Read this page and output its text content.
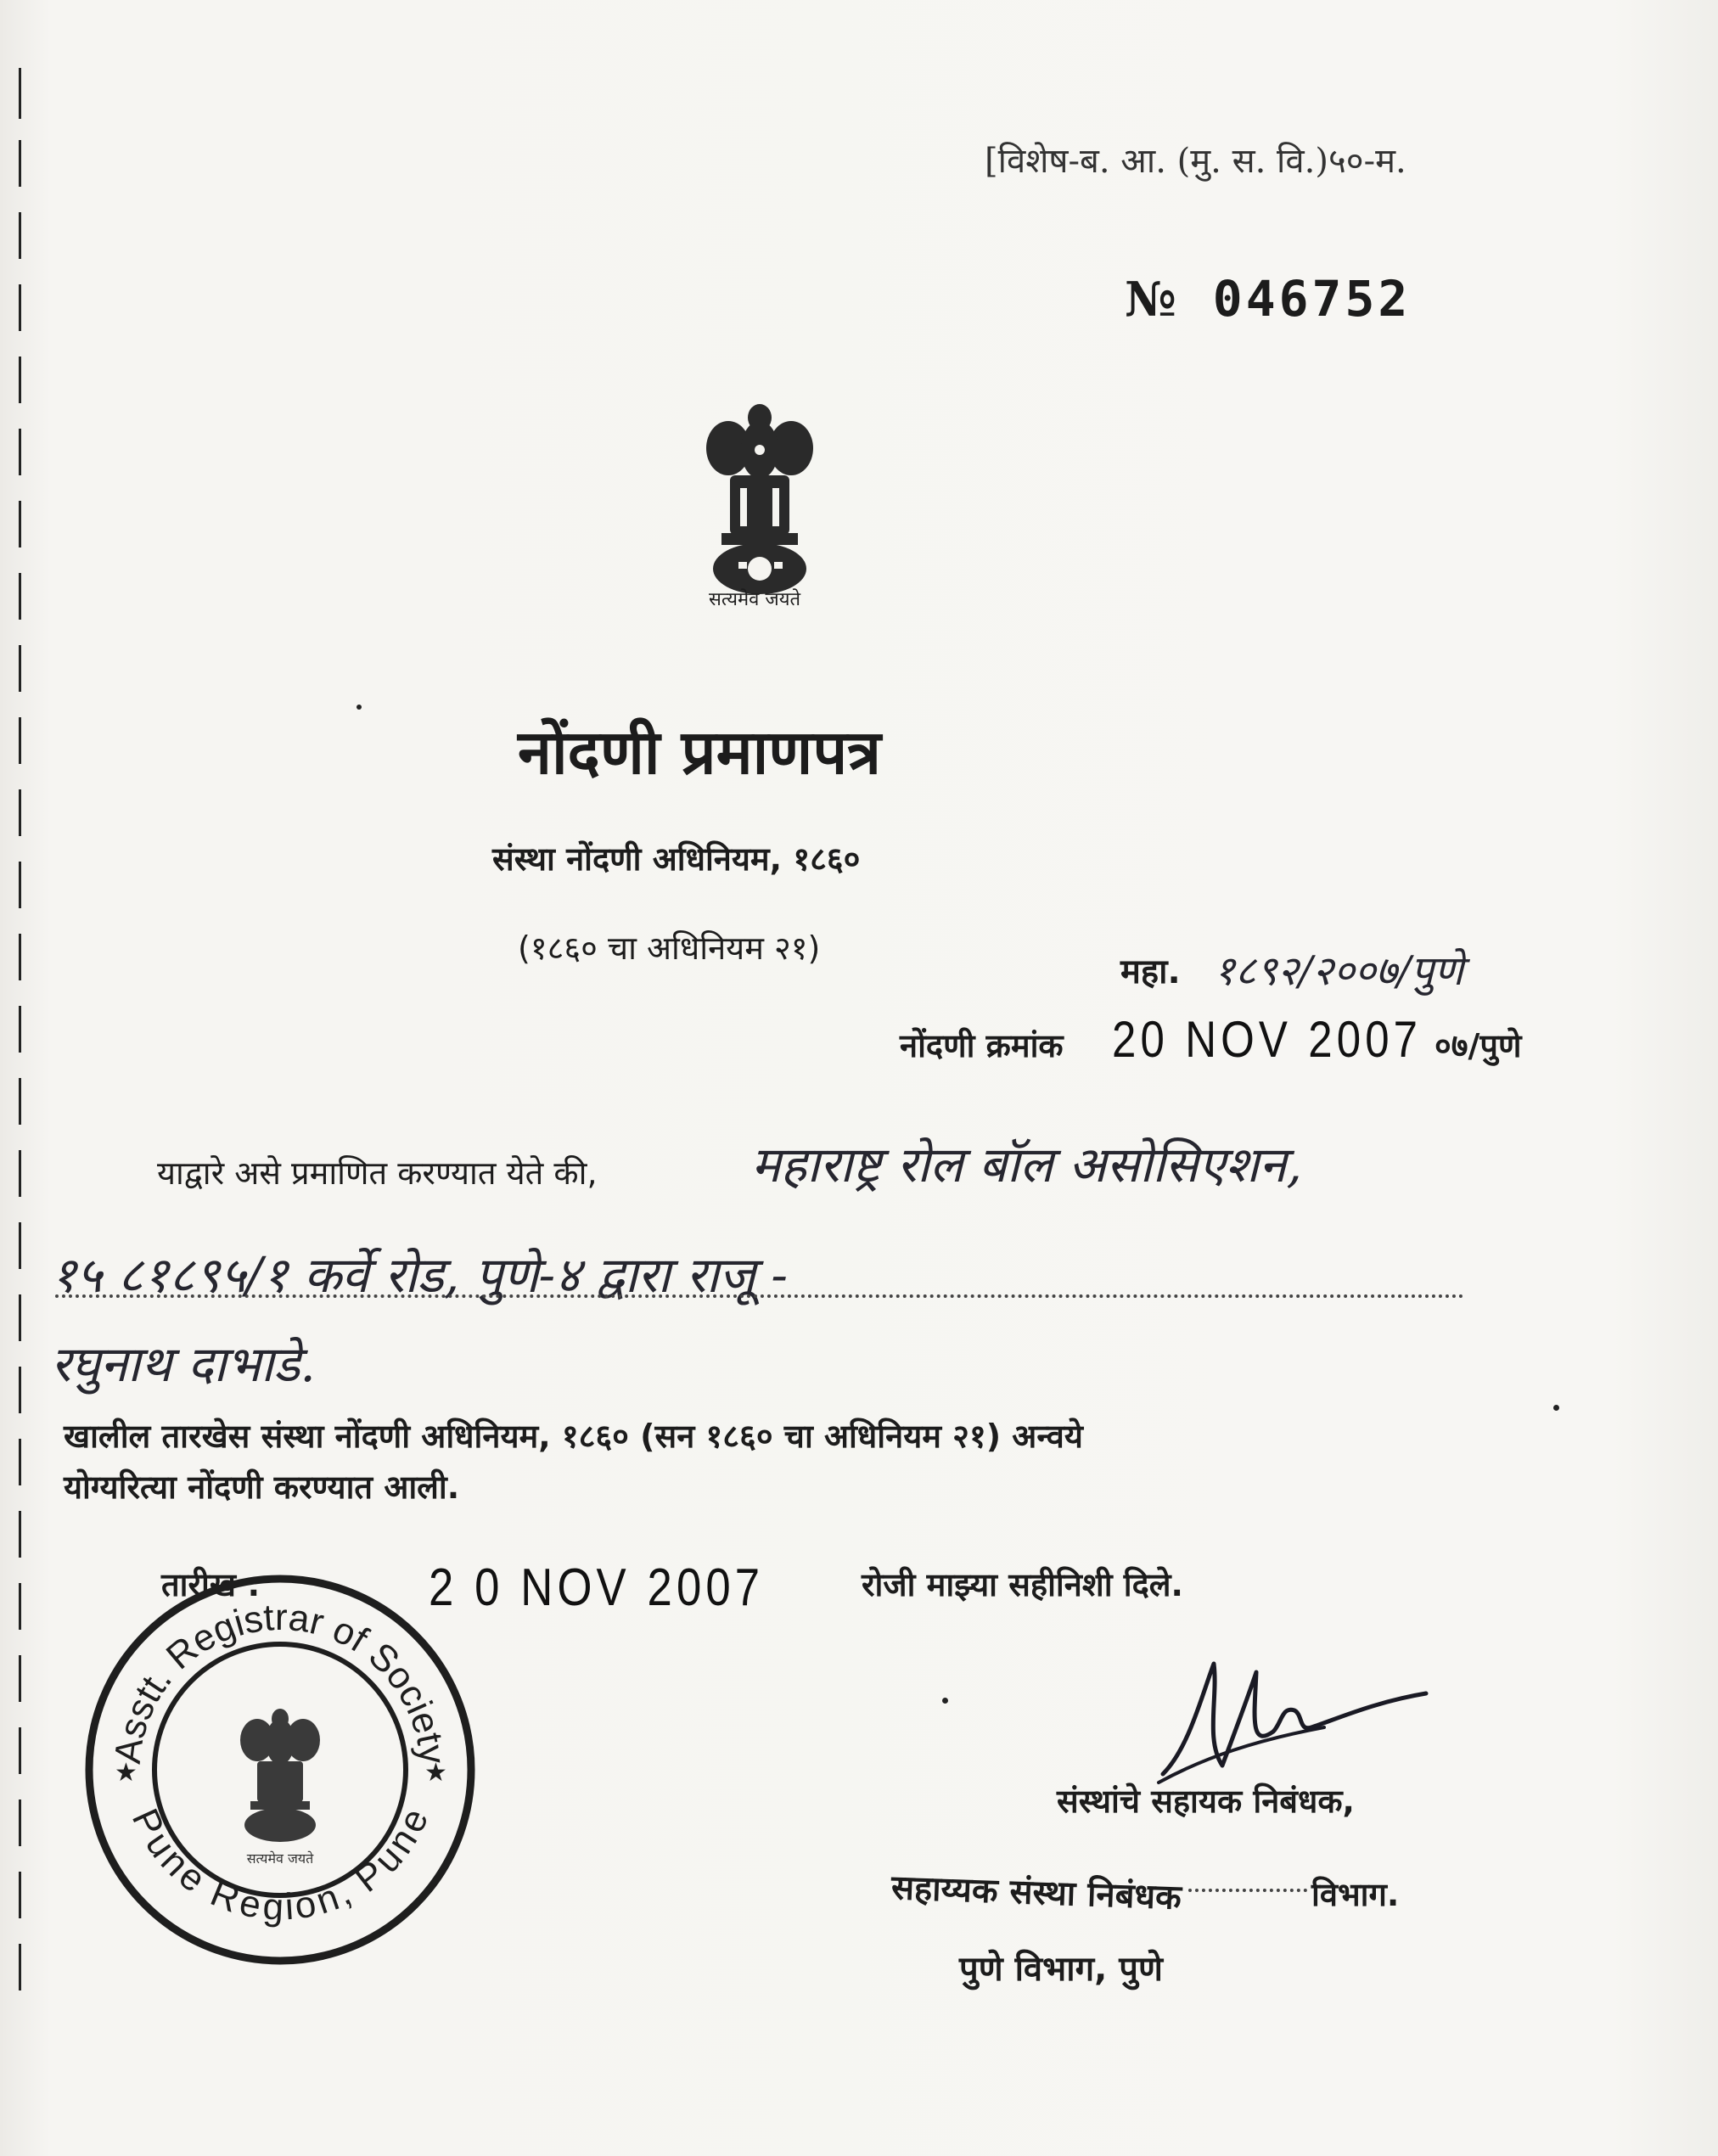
[विशेष-ब. आ. (मु. स. वि.)५०-म.
№ 046752
सत्यमेव जयते
नोंदणी प्रमाणपत्र
संस्था नोंदणी अधिनियम, १८६०
(१८६० चा अधिनियम २१)
महा. १८९२/२००७/पुणे
नोंदणी क्रमांक 20 NOV 2007 ०७/पुणे
याद्वारे असे प्रमाणित करण्यात येते की,	महाराष्ट्र रोल बॉल असोसिएशन,
१५ ८१८९५/१ कर्वे रोड, पुणे-४ द्वारा राजू -
रघुनाथ दाभाडे.
खालील तारखेस संस्था नोंदणी अधिनियम, १८६० (सन १८६० चा अधिनियम २१) अन्वये
योग्यरित्या नोंदणी करण्यात आली.
तारीख :	2 0 NOV 2007	रोजी माझ्या सहीनिशी दिले.
Asstt. Registrar of Society
Pune Region, Pune
★	★
सत्यमेव जयते
संस्थांचे सहायक निबंधक,
सहाय्यक संस्था निबंधक	विभाग.
पुणे विभाग, पुणे
